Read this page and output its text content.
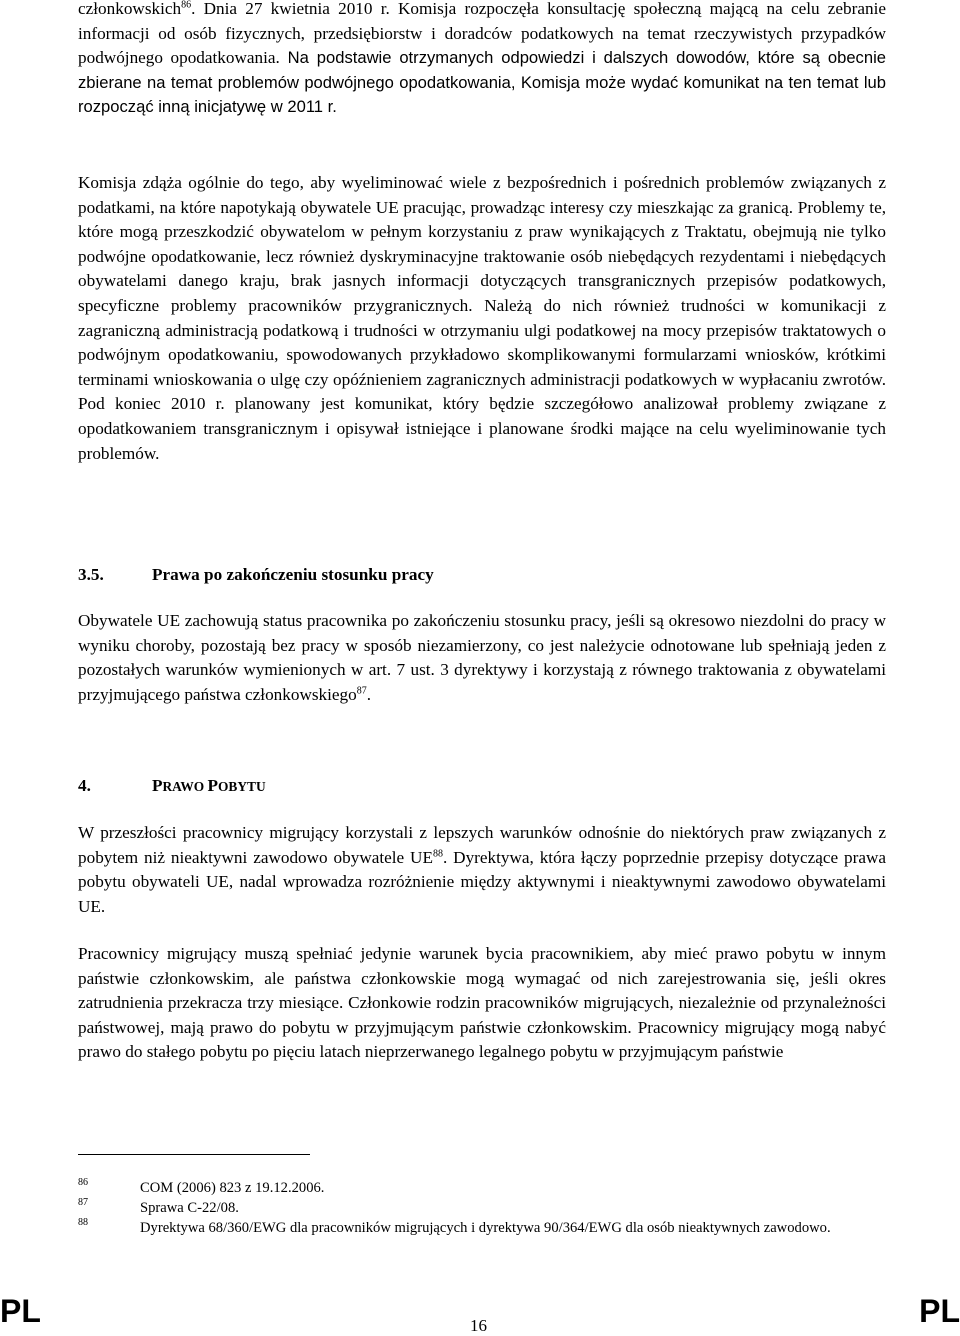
członkowskich$^{86}$. Dnia 27 kwietnia 2010 r. Komisja rozpoczęła konsultację społeczną mającą na celu zebranie informacji od osób fizycznych, przedsiębiorstw i doradców podatkowych na temat rzeczywistych przypadków podwójnego opodatkowania. Na podstawie otrzymanych odpowiedzi i dalszych dowodów, które są obecnie zbierane na temat problemów podwójnego opodatkowania, Komisja może wydać komunikat na ten temat lub rozpocząć inną inicjatywę w 2011 r.

Komisja zdąża ogólnie do tego, aby wyeliminować wiele z bezpośrednich i pośrednich problemów związanych z podatkami, na które napotykają obywatele UE pracując, prowadząc interesy czy mieszkając za granicą. Problemy te, które mogą przeszkodzić obywatelom w pełnym korzystaniu z praw wynikających z Traktatu, obejmują nie tylko podwójne opodatkowanie, lecz również dyskryminacyjne traktowanie osób niebędących rezydentami i niebędących obywatelami danego kraju, brak jasnych informacji dotyczących transgranicznych przepisów podatkowych, specyficzne problemy pracowników przygranicznych. Należą do nich również trudności w komunikacji z zagraniczną administracją podatkową i trudności w otrzymaniu ulgi podatkowej na mocy przepisów traktatowych o podwójnym opodatkowaniu, spowodowanych przykładowo skomplikowanymi formularzami wniosków, krótkimi terminami wnioskowania o ulgę czy opóźnieniem zagranicznych administracji podatkowych w wypłacaniu zwrotów. Pod koniec 2010 r. planowany jest komunikat, który będzie szczegółowo analizował problemy związane z opodatkowaniem transgranicznym i opisywał istniejące i planowane środki mające na celu wyeliminowanie tych problemów.

3.5.	Prawa po zakończeniu stosunku pracy

Obywatele UE zachowują status pracownika po zakończeniu stosunku pracy, jeśli są okresowo niezdolni do pracy w wyniku choroby, pozostają bez pracy w sposób niezamierzony, co jest należycie odnotowane lub spełniają jeden z pozostałych warunków wymienionych w art. 7 ust. 3 dyrektywy i korzystają z równego traktowania z obywatelami przyjmującego państwa członkowskiego$^{87}$.

4.	PRAWO POBYTU

W przeszłości pracownicy migrujący korzystali z lepszych warunków odnośnie do niektórych praw związanych z pobytem niż nieaktywni zawodowo obywatele UE$^{88}$. Dyrektywa, która łączy poprzednie przepisy dotyczące prawa pobytu obywateli UE, nadal wprowadza rozróżnienie między aktywnymi i nieaktywnymi zawodowo obywatelami UE.

Pracownicy migrujący muszą spełniać jedynie warunek bycia pracownikiem, aby mieć prawo pobytu w innym państwie członkowskim, ale państwa członkowskie mogą wymagać od nich zarejestrowania się, jeśli okres zatrudnienia przekracza trzy miesiące. Członkowie rodzin pracowników migrujących, niezależnie od przynależności państwowej, mają prawo do pobytu w przyjmującym państwie członkowskim. Pracownicy migrujący mogą nabyć prawo do stałego pobytu po pięciu latach nieprzerwanego legalnego pobytu w przyjmującym państwie

86	COM (2006) 823 z 19.12.2006.
87	Sprawa C-22/08.
88	Dyrektywa 68/360/EWG dla pracowników migrujących i dyrektywa 90/364/EWG dla osób nieaktywnych zawodowo.
PL	16	PL
